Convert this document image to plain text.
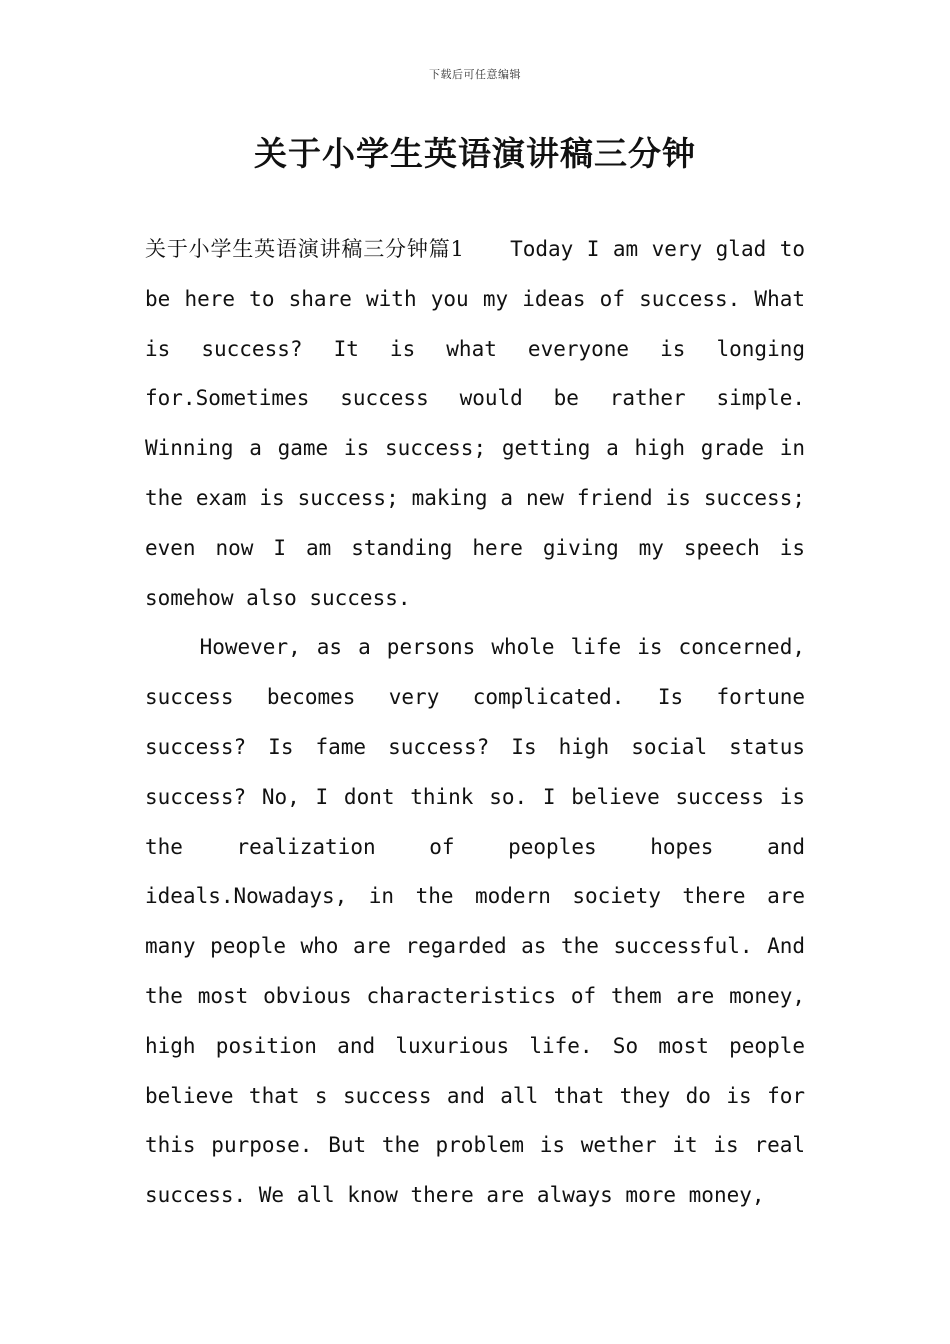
下载后可任意编辑
关于小学生英语演讲稿三分钟

关于小学生英语演讲稿三分钟篇1 Today I am very glad to be here to share with you my ideas of success. What is success? It is what everyone is longing for.Sometimes success would be rather simple. Winning a game is success; getting a high grade in the exam is success; making a new friend is success; even now I am standing here giving my speech is somehow also success.

However, as a persons whole life is concerned, success becomes very complicated. Is fortune success? Is fame success? Is high social status success? No, I dont think so. I believe success is the realization of peoples hopes and ideals.Nowadays, in the modern society there are many people who are regarded as the successful. And the most obvious characteristics of them are money, high position and luxurious life. So most people believe that s success and all that they do is for this purpose. But the problem is wether it is real success. We all know there are always more money,
